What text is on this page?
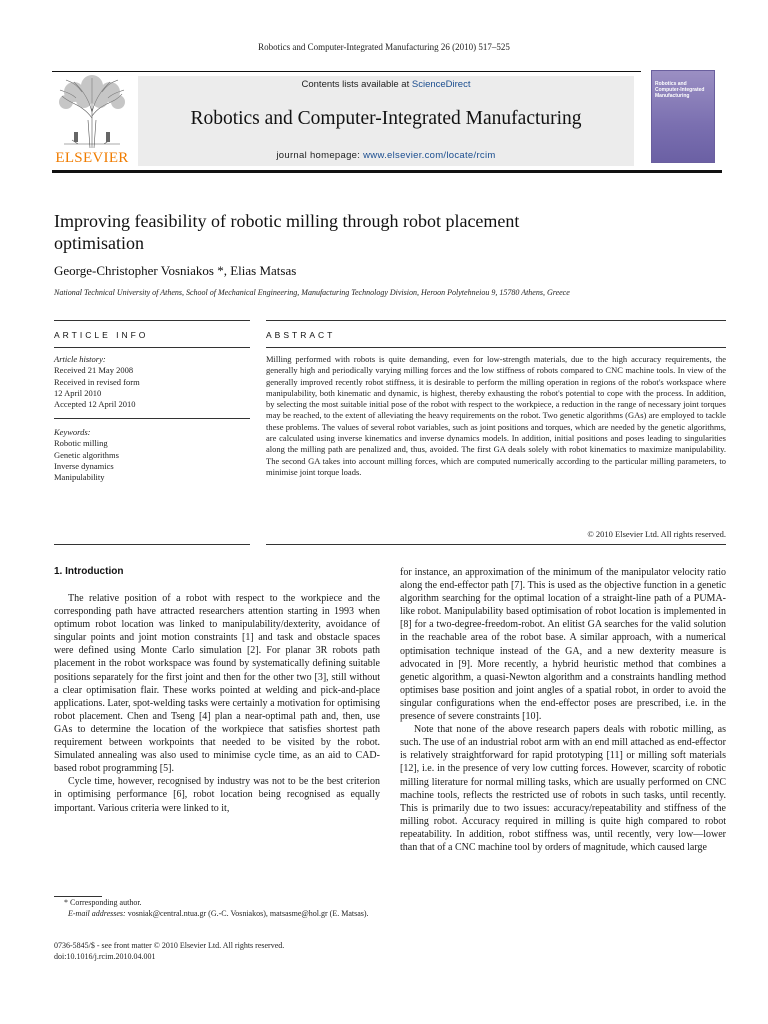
Robotics and Computer-Integrated Manufacturing 26 (2010) 517–525
ELSEVIER
Contents lists available at ScienceDirect
Robotics and Computer-Integrated Manufacturing
journal homepage: www.elsevier.com/locate/rcim
Robotics and Computer-Integrated Manufacturing
Improving feasibility of robotic milling through robot placement optimisation
George-Christopher Vosniakos *, Elias Matsas
National Technical University of Athens, School of Mechanical Engineering, Manufacturing Technology Division, Heroon Polytehneiou 9, 15780 Athens, Greece
ARTICLE INFO
Article history:
Received 21 May 2008
Received in revised form
12 April 2010
Accepted 12 April 2010
Keywords:
Robotic milling
Genetic algorithms
Inverse dynamics
Manipulability
ABSTRACT
Milling performed with robots is quite demanding, even for low-strength materials, due to the high accuracy requirements, the generally high and periodically varying milling forces and the low stiffness of robots compared to CNC machine tools. In view of the generally improved recently robot stiffness, it is desirable to perform the milling operation in regions of the robot's workspace where manipulability, both kinematic and dynamic, is highest, thereby exhausting the robot's potential to cope with the process. In addition, by selecting the most suitable initial pose of the robot with respect to the workpiece, a reduction in the range of necessary joint torques may be reached, to the extent of alleviating the heavy requirements on the robot. Two genetic algorithms (GAs) are employed to tackle these problems. The values of several robot variables, such as joint positions and torques, which are needed by the genetic algorithms, are calculated using inverse kinematics and inverse dynamics models. In addition, initial positions and poses leading to singularities along the milling path are penalized and, thus, avoided. The first GA deals solely with robot kinematics to maximize manipulability. The second GA takes into account milling forces, which are computed numerically according to the particular milling parameters, to minimise joint torque loads.
© 2010 Elsevier Ltd. All rights reserved.
1. Introduction

The relative position of a robot with respect to the workpiece and the corresponding path have attracted researchers attention starting in 1993 when optimum robot location was linked to manipulability/dexterity, avoidance of singular points and joint motion constraints [1] and task and obstacle spaces were defined using Monte Carlo simulation [2]. For planar 3R robots path placement in the robot workspace was found by systematically defining suitable positions separately for the first joint and then for the other two [3], still without a clear optimisation flair. These works pointed at welding and pick-and-place applications. Later, spot-welding tasks were certainly a motivation for optimising robot placement. Chen and Tseng [4] plan a near-optimal path and, then, use GAs to determine the location of the workpiece that satisfies shortest path requirement between workpoints that needed to be visited by the robot. Simulated annealing was also used to minimise cycle time, as an aid to CAD-based robot programming [5].

Cycle time, however, recognised by industry was not to be the best criterion in optimising performance [6], robot location being recognised as equally important. Various criteria were linked to it,

for instance, an approximation of the minimum of the manipulator velocity ratio along the end-effector path [7]. This is used as the objective function in a genetic algorithm searching for the optimal location of a straight-line path of a PUMA-like robot. Manipulability based optimisation of robot location is implemented in [8] for a two-degree-freedom-robot. An elitist GA searches for the valid solution in the reachable area of the robot base. A similar approach, with a numerical optimisation technique instead of the GA, and a new dexterity measure is advocated in [9]. More recently, a hybrid heuristic method that combines a genetic algorithm, a quasi-Newton algorithm and a constraints handling method optimises base position and joint angles of a spatial robot, in order to avoid the singular configurations when the end-effector poses are prescribed, i.e. in the presence of severe constraints [10].

Note that none of the above research papers deals with robotic milling, as such. The use of an industrial robot arm with an end mill attached as end-effector is relatively straightforward for rapid prototyping [11] or milling soft materials [12], i.e. in the presence of very low cutting forces. However, scarcity of robotic milling literature for normal milling tasks, which are usually performed on CNC machine tools, reflects the restricted use of robots in such tasks, until recently. This is primarily due to two issues: accuracy/repeatability and stiffness of the milling robot. Accuracy required in milling is quite high compared to robot repeatability. In addition, robot stiffness was, until recently, very low—lower than that of a CNC machine tool by orders of magnitude, which caused large

* Corresponding author.
E-mail addresses: vosniak@central.ntua.gr (G.-C. Vosniakos), matsasme@hol.gr (E. Matsas).
0736-5845/$ - see front matter © 2010 Elsevier Ltd. All rights reserved.
doi:10.1016/j.rcim.2010.04.001
